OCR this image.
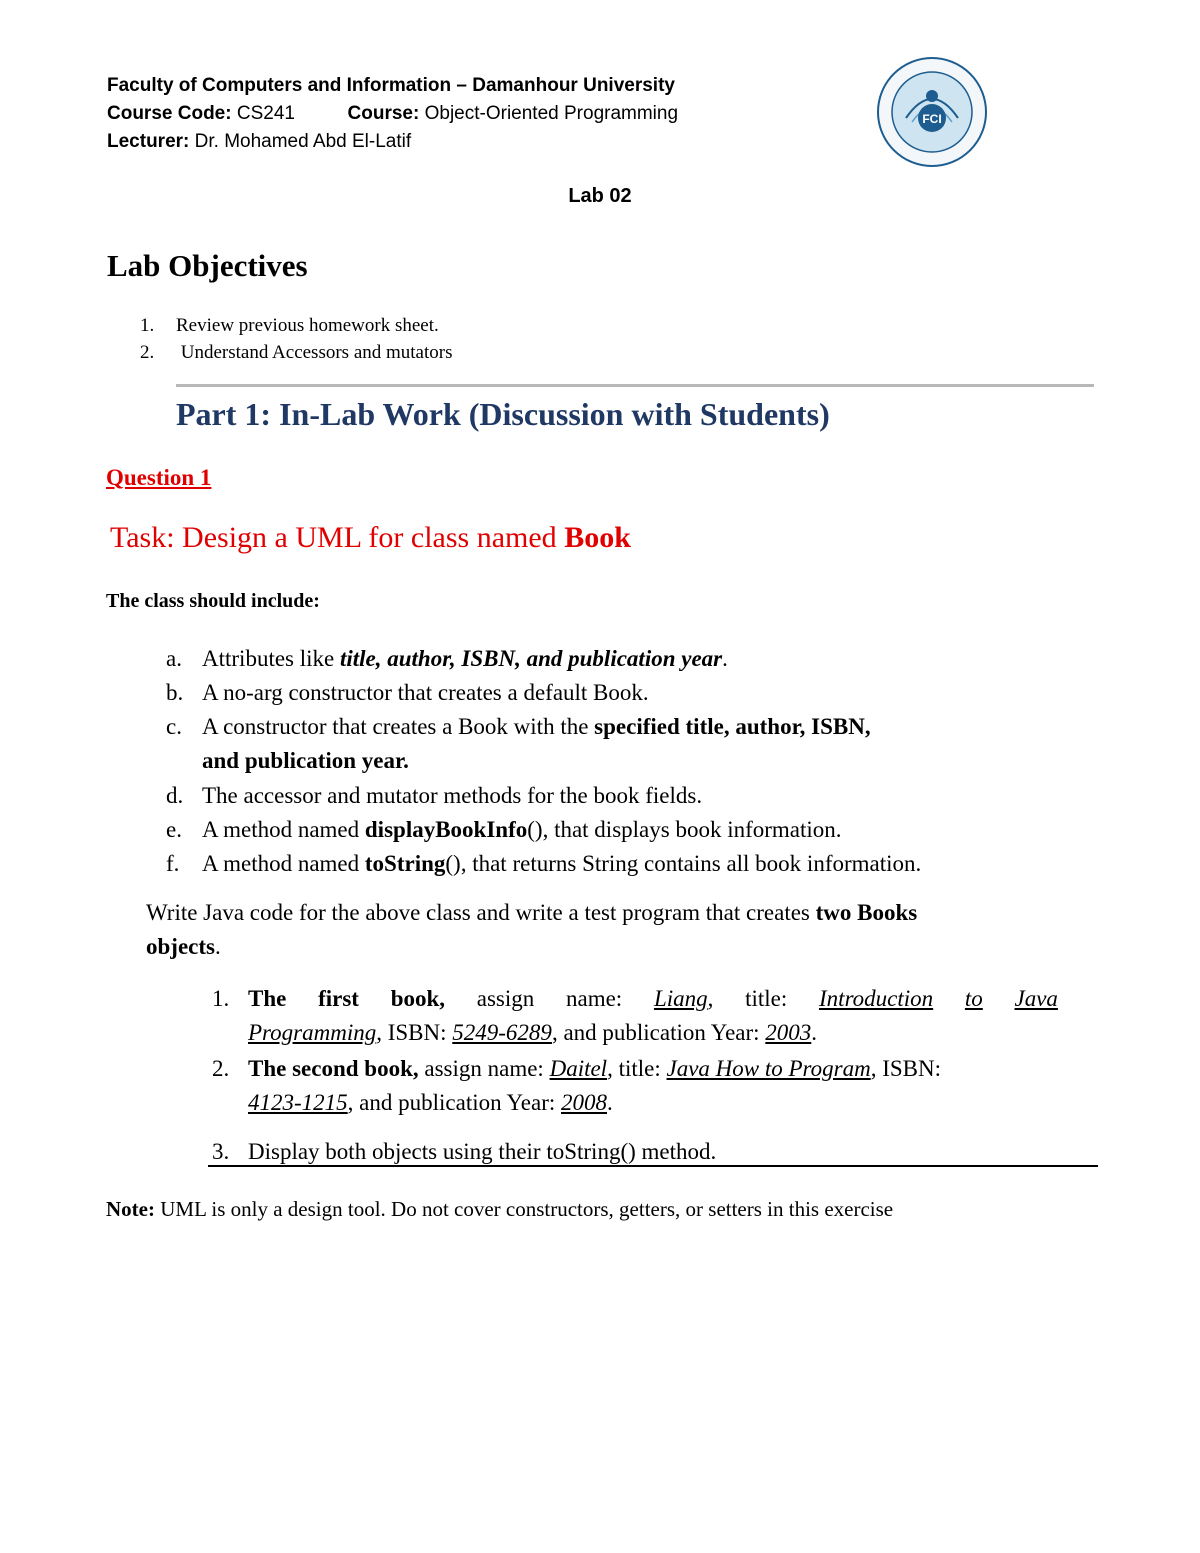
Faculty of Computers and Information – Damanhour University
Course Code: CS241	Course: Object-Oriented Programming
Lecturer: Dr. Mohamed Abd El-Latif
FCI
Lab 02
Lab Objectives
1. Review previous homework sheet.
2. Understand Accessors and mutators
Part 1: In-Lab Work (Discussion with Students)
Question 1
Task: Design a UML for class named Book
The class should include:
a. Attributes like title, author, ISBN, and publication year.
b. A no-arg constructor that creates a default Book.
c. A constructor that creates a Book with the specified title, author, ISBN,
and publication year.
d. The accessor and mutator methods for the book fields.
e. A method named displayBookInfo(), that displays book information.
f. A method named toString(), that returns String contains all book information.
Write Java code for the above class and write a test program that creates two Books
objects.
1. The first book, assign name: Liang, title: Introduction to Java
Programming, ISBN: 5249-6289, and publication Year: 2003.
2. The second book, assign name: Daitel, title: Java How to Program, ISBN:
4123-1215, and publication Year: 2008.
3. Display both objects using their toString() method.
Note: UML is only a design tool. Do not cover constructors, getters, or setters in this exercise
